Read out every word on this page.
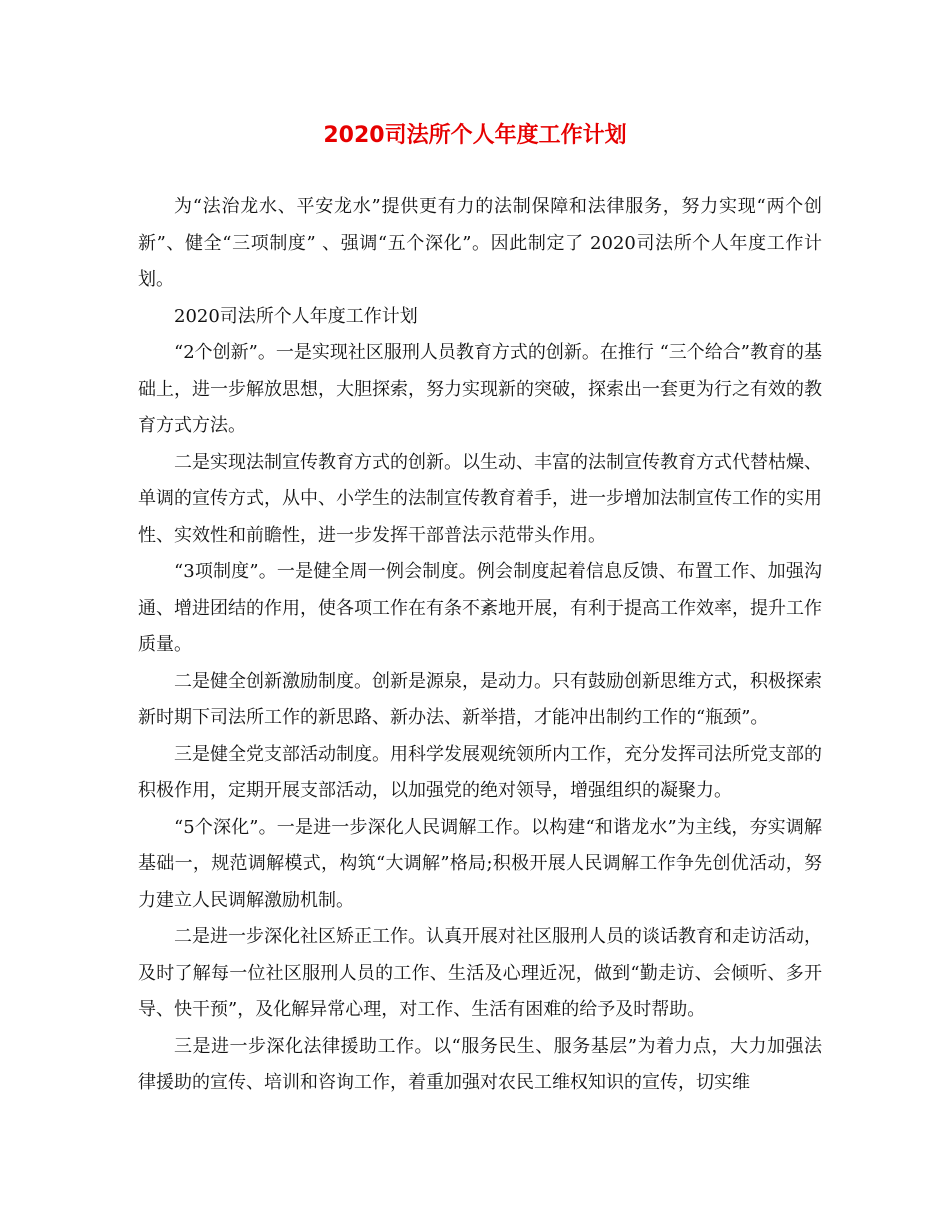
2020司法所个人年度工作计划

为“法治龙水、平安龙水”提供更有力的法制保障和法律服务，努力实现“两个创新”、健全“三项制度” 、强调“五个深化”。因此制定了 2020司法所个人年度工作计划。

2020司法所个人年度工作计划

“2个创新”。一是实现社区服刑人员教育方式的创新。在推行 “三个给合”教育的基础上，进一步解放思想，大胆探索，努力实现新的突破，探索出一套更为行之有效的教育方式方法。

二是实现法制宣传教育方式的创新。以生动、丰富的法制宣传教育方式代替枯燥、单调的宣传方式，从中、小学生的法制宣传教育着手，进一步增加法制宣传工作的实用性、实效性和前瞻性，进一步发挥干部普法示范带头作用。

“3项制度”。一是健全周一例会制度。例会制度起着信息反馈、布置工作、加强沟通、增进团结的作用，使各项工作在有条不紊地开展，有利于提高工作效率，提升工作质量。

二是健全创新激励制度。创新是源泉，是动力。只有鼓励创新思维方式，积极探索新时期下司法所工作的新思路、新办法、新举措，才能冲出制约工作的“瓶颈”。

三是健全党支部活动制度。用科学发展观统领所内工作，充分发挥司法所党支部的积极作用，定期开展支部活动，以加强党的绝对领导，增强组织的凝聚力。

“5个深化”。一是进一步深化人民调解工作。以构建“和谐龙水”为主线，夯实调解基础一，规范调解模式，构筑“大调解”格局;积极开展人民调解工作争先创优活动，努力建立人民调解激励机制。

二是进一步深化社区矫正工作。认真开展对社区服刑人员的谈话教育和走访活动，及时了解每一位社区服刑人员的工作、生活及心理近况，做到“勤走访、会倾听、多开导、快干预”，及化解异常心理，对工作、生活有困难的给予及时帮助。

三是进一步深化法律援助工作。以“服务民生、服务基层”为着力点，大力加强法律援助的宣传、培训和咨询工作，着重加强对农民工维权知识的宣传，切实维
